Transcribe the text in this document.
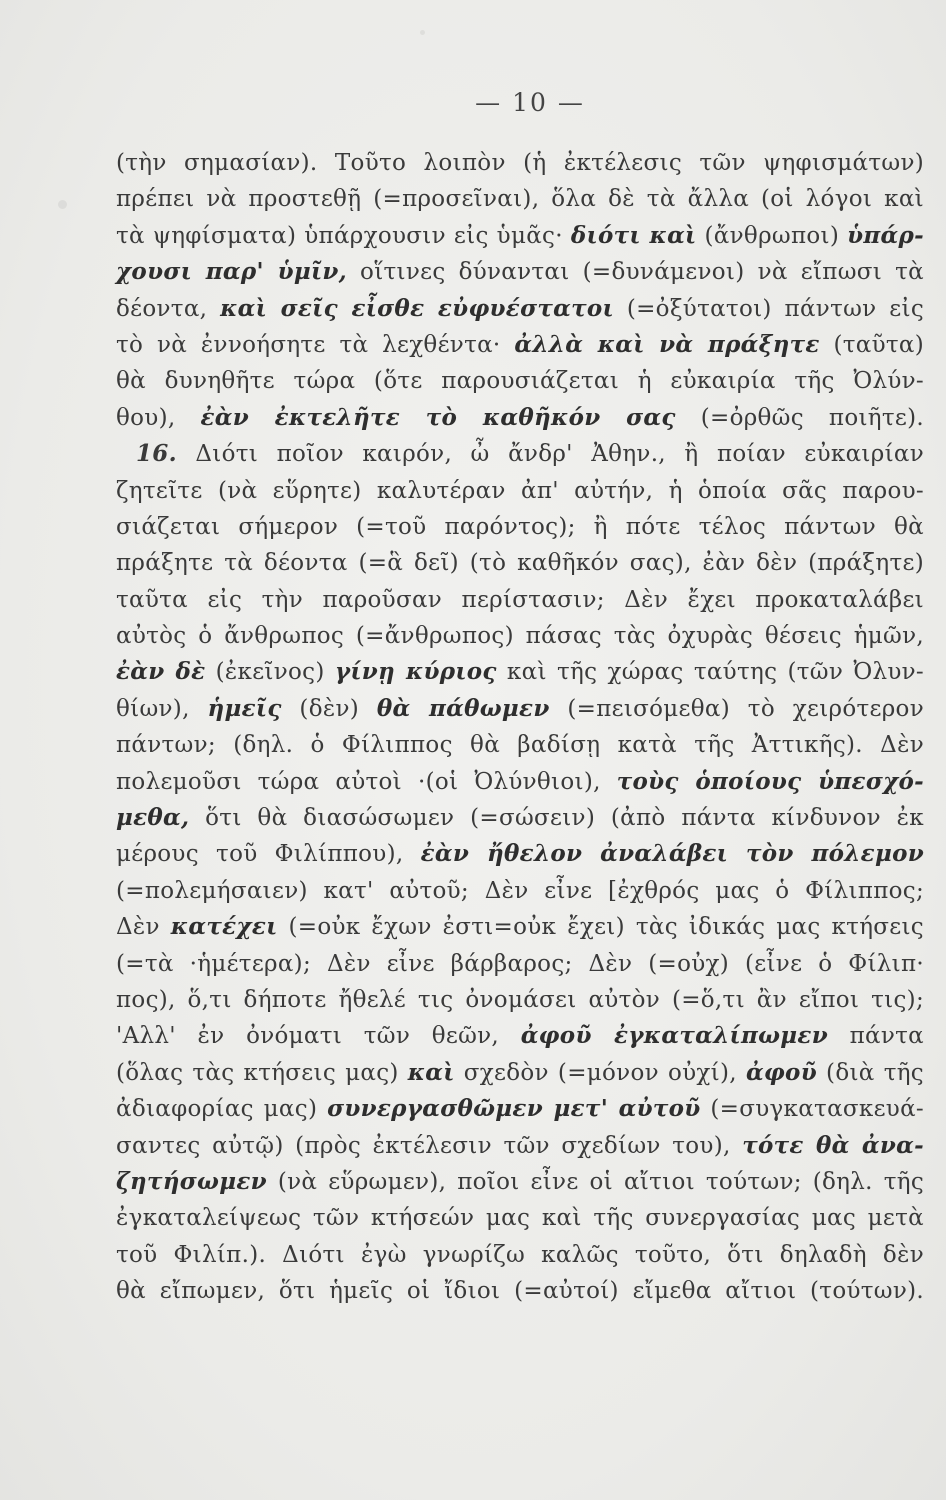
— 10 —
(τὴν σημασίαν). Τοῦτο λοιπὸν (ἡ ἐκτέλεσις τῶν ψηφισμάτων)
πρέπει νὰ προστεθῇ (=προσεῖναι), ὅλα δὲ τὰ ἄλλα (οἱ λόγοι καὶ
τὰ ψηφίσματα) ὑπάρχουσιν εἰς ὑμᾶς· διότι καὶ (ἄνθρωποι) ὑπάρ-
χουσι παρ' ὑμῖν, οἵτινες δύνανται (=δυνάμενοι) νὰ εἴπωσι τὰ
δέοντα, καὶ σεῖς εἶσθε εὐφυέστατοι (=ὀξύτατοι) πάντων εἰς
τὸ νὰ ἐννοήσητε τὰ λεχθέντα· ἀλλὰ καὶ νὰ πράξητε (ταῦτα)
θὰ δυνηθῆτε τώρα (ὅτε παρουσιάζεται ἡ εὐκαιρία τῆς Ὀλύν-
θου), ἐὰν ἐκτελῆτε τὸ καθῆκόν σας (=ὀρθῶς ποιῆτε).
16. Διότι ποῖον καιρόν, ὦ ἄνδρ' Ἀθην., ἢ ποίαν εὐκαιρίαν
ζητεῖτε (νὰ εὕρητε) καλυτέραν ἀπ' αὐτήν, ἡ ὁποία σᾶς παρου-
σιάζεται σήμερον (=τοῦ παρόντος); ἢ πότε τέλος πάντων θὰ
πράξητε τὰ δέοντα (=ἃ δεῖ) (τὸ καθῆκόν σας), ἐὰν δὲν (πράξητε)
ταῦτα εἰς τὴν παροῦσαν περίστασιν; Δὲν ἔχει προκαταλάβει
αὐτὸς ὁ ἄνθρωπος (=ἄνθρωπος) πάσας τὰς ὀχυρὰς θέσεις ἡμῶν,
ἐὰν δὲ (ἐκεῖνος) γίνῃ κύριος καὶ τῆς χώρας ταύτης (τῶν Ὀλυν-
θίων), ἡμεῖς (δὲν) θὰ πάθωμεν (=πεισόμεθα) τὸ χειρότερον
πάντων; (δηλ. ὁ Φίλιππος θὰ βαδίσῃ κατὰ τῆς Ἀττικῆς). Δὲν
πολεμοῦσι τώρα αὐτοὶ ·(οἱ Ὀλύνθιοι), τοὺς ὁποίους ὑπεσχό-
μεθα, ὅτι θὰ διασώσωμεν (=σώσειν) (ἀπὸ πάντα κίνδυνον ἐκ
μέρους τοῦ Φιλίππου), ἐὰν ἤθελον ἀναλάβει τὸν πόλεμον
(=πολεμήσαιεν) κατ' αὐτοῦ; Δὲν εἶνε [ἐχθρός μας ὁ Φίλιππος;
Δὲν κατέχει (=οὐκ ἔχων ἐστι=οὐκ ἔχει) τὰς ἰδικάς μας κτήσεις
(=τὰ ·ἡμέτερα); Δὲν εἶνε βάρβαρος; Δὲν (=οὐχ) (εἶνε ὁ Φίλιπ·
πος), ὅ,τι δήποτε ἤθελέ τις ὀνομάσει αὐτὸν (=ὅ,τι ἂν εἴποι τις);
'Αλλ' ἐν ὀνόματι τῶν θεῶν, ἀφοῦ ἐγκαταλίπωμεν πάντα
(ὅλας τὰς κτήσεις μας) καὶ σχεδὸν (=μόνον οὐχί), ἀφοῦ (διὰ τῆς
ἀδιαφορίας μας) συνεργασθῶμεν μετ' αὐτοῦ (=συγκατασκευά-
σαντες αὐτῷ) (πρὸς ἐκτέλεσιν τῶν σχεδίων του), τότε θὰ ἀνα-
ζητήσωμεν (νὰ εὕρωμεν), ποῖοι εἶνε οἱ αἴτιοι τούτων; (δηλ. τῆς
ἐγκαταλείψεως τῶν κτήσεών μας καὶ τῆς συνεργασίας μας μετὰ
τοῦ Φιλίπ.). Διότι ἐγὼ γνωρίζω καλῶς τοῦτο, ὅτι δηλαδὴ δὲν
θὰ εἴπωμεν, ὅτι ἡμεῖς οἱ ἴδιοι (=αὐτοί) εἴμεθα αἴτιοι (τούτων).
